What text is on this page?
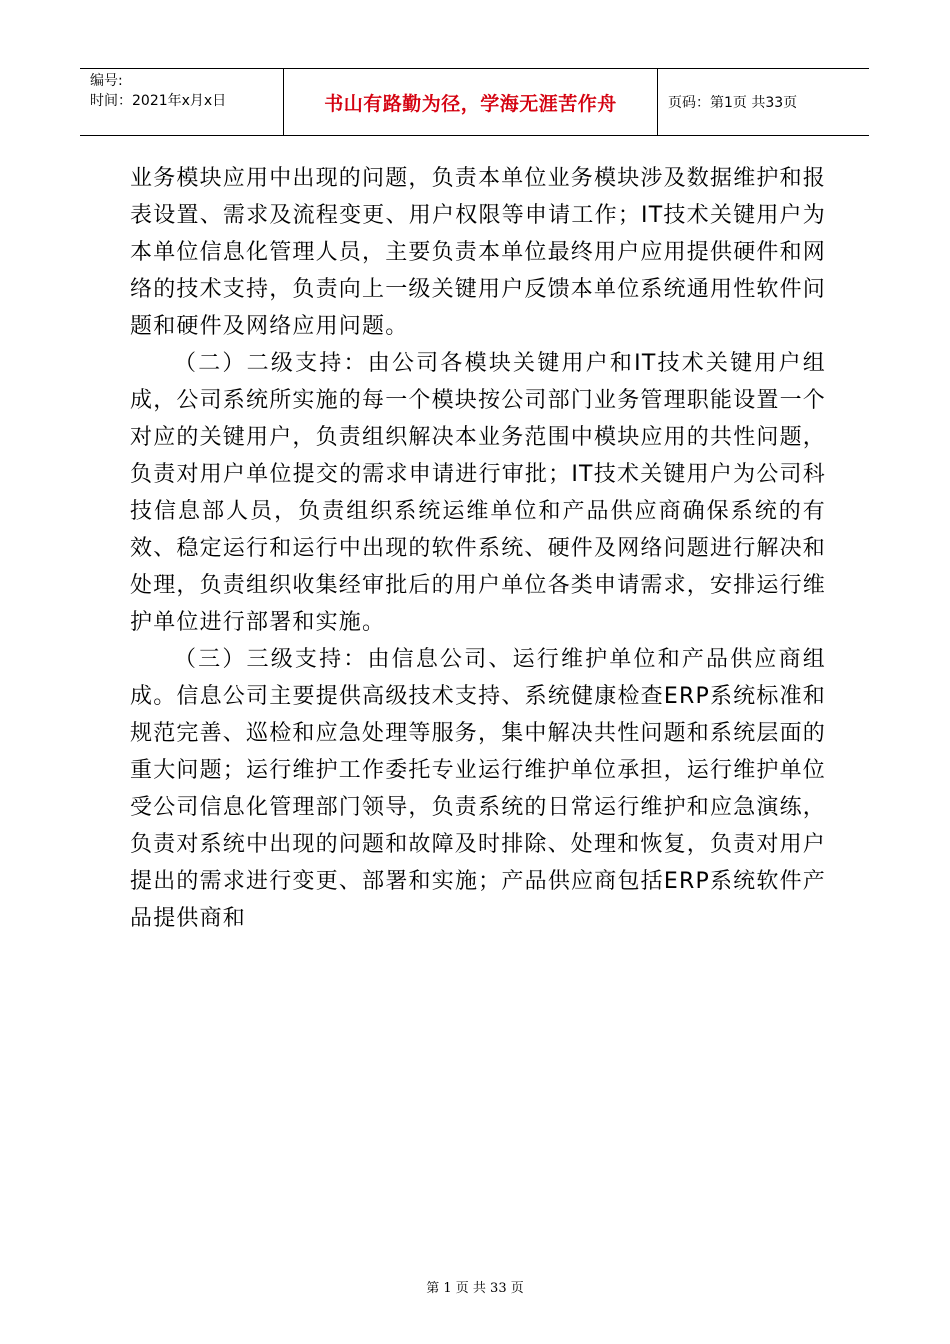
编号:
时间：2021年x月x日	书山有路勤为径，学海无涯苦作舟	页码：第1页 共33页

业务模块应用中出现的问题，负责本单位业务模块涉及数据维护和报表设置、需求及流程变更、用户权限等申请工作；IT技术关键用户为本单位信息化管理人员，主要负责本单位最终用户应用提供硬件和网络的技术支持，负责向上一级关键用户反馈本单位系统通用性软件问题和硬件及网络应用问题。

（二）二级支持：由公司各模块关键用户和IT技术关键用户组成，公司系统所实施的每一个模块按公司部门业务管理职能设置一个对应的关键用户，负责组织解决本业务范围中模块应用的共性问题，负责对用户单位提交的需求申请进行审批；IT技术关键用户为公司科技信息部人员，负责组织系统运维单位和产品供应商确保系统的有效、稳定运行和运行中出现的软件系统、硬件及网络问题进行解决和处理，负责组织收集经审批后的用户单位各类申请需求，安排运行维护单位进行部署和实施。

（三）三级支持：由信息公司、运行维护单位和产品供应商组成。信息公司主要提供高级技术支持、系统健康检查ERP系统标准和规范完善、巡检和应急处理等服务，集中解决共性问题和系统层面的重大问题；运行维护工作委托专业运行维护单位承担，运行维护单位受公司信息化管理部门领导，负责系统的日常运行维护和应急演练，负责对系统中出现的问题和故障及时排除、处理和恢复，负责对用户提出的需求进行变更、部署和实施；产品供应商包括ERP系统软件产品提供商和

第 1 页 共 33 页
